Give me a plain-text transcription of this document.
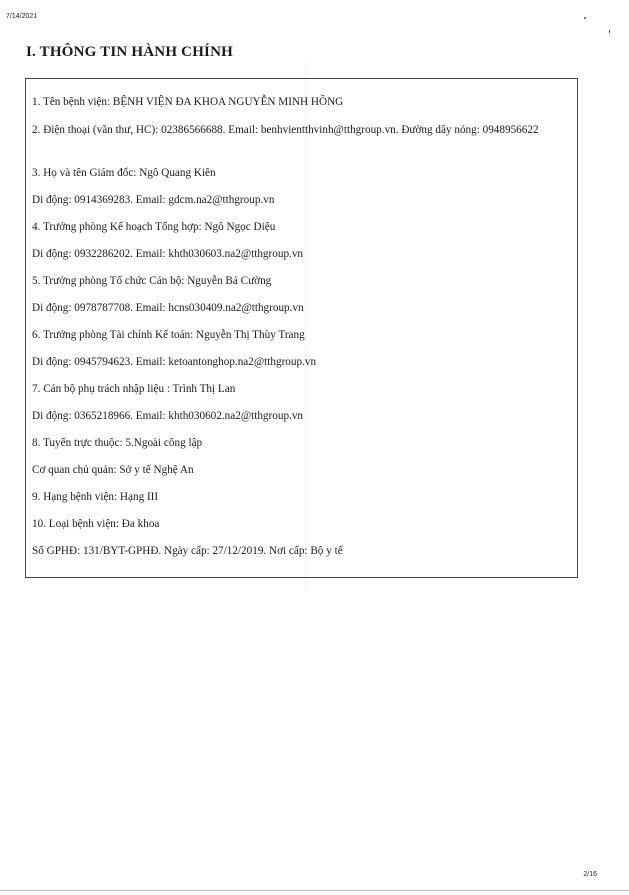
7/14/2021
I. THÔNG TIN HÀNH CHÍNH
1. Tên bệnh viện: BỆNH VIỆN ĐA KHOA NGUYỄN MINH HỒNG
2. Điện thoại (văn thư, HC): 02386566688. Email: benhvientthvinh@tthgroup.vn. Đường dây nóng: 0948956622
3. Họ và tên Giám đốc: Ngô Quang Kiên
Di động: 0914369283. Email: gdcm.na2@tthgroup.vn
4. Trưởng phòng Kế hoạch Tổng hợp: Ngô Ngọc Diệu
Di động: 0932286202. Email: khth030603.na2@tthgroup.vn
5. Trưởng phòng Tổ chức Cán bộ: Nguyễn Bá Cường
Di động: 0978787708. Email: hcns030409.na2@tthgroup.vn
6. Trưởng phòng Tài chính Kế toán: Nguyễn Thị Thùy Trang
Di động: 0945794623. Email: ketoantonghop.na2@tthgroup.vn
7. Cán bộ phụ trách nhập liệu : Trình Thị Lan
Di động: 0365218966. Email: khth030602.na2@tthgroup.vn
8. Tuyến trực thuộc: 5.Ngoài công lập
Cơ quan chủ quản: Sở y tế Nghệ An
9. Hạng bệnh viện: Hạng III
10. Loại bệnh viện: Đa khoa
Số GPHĐ: 131/BYT-GPHĐ. Ngày cấp: 27/12/2019. Nơi cấp: Bộ y tế
2/16
